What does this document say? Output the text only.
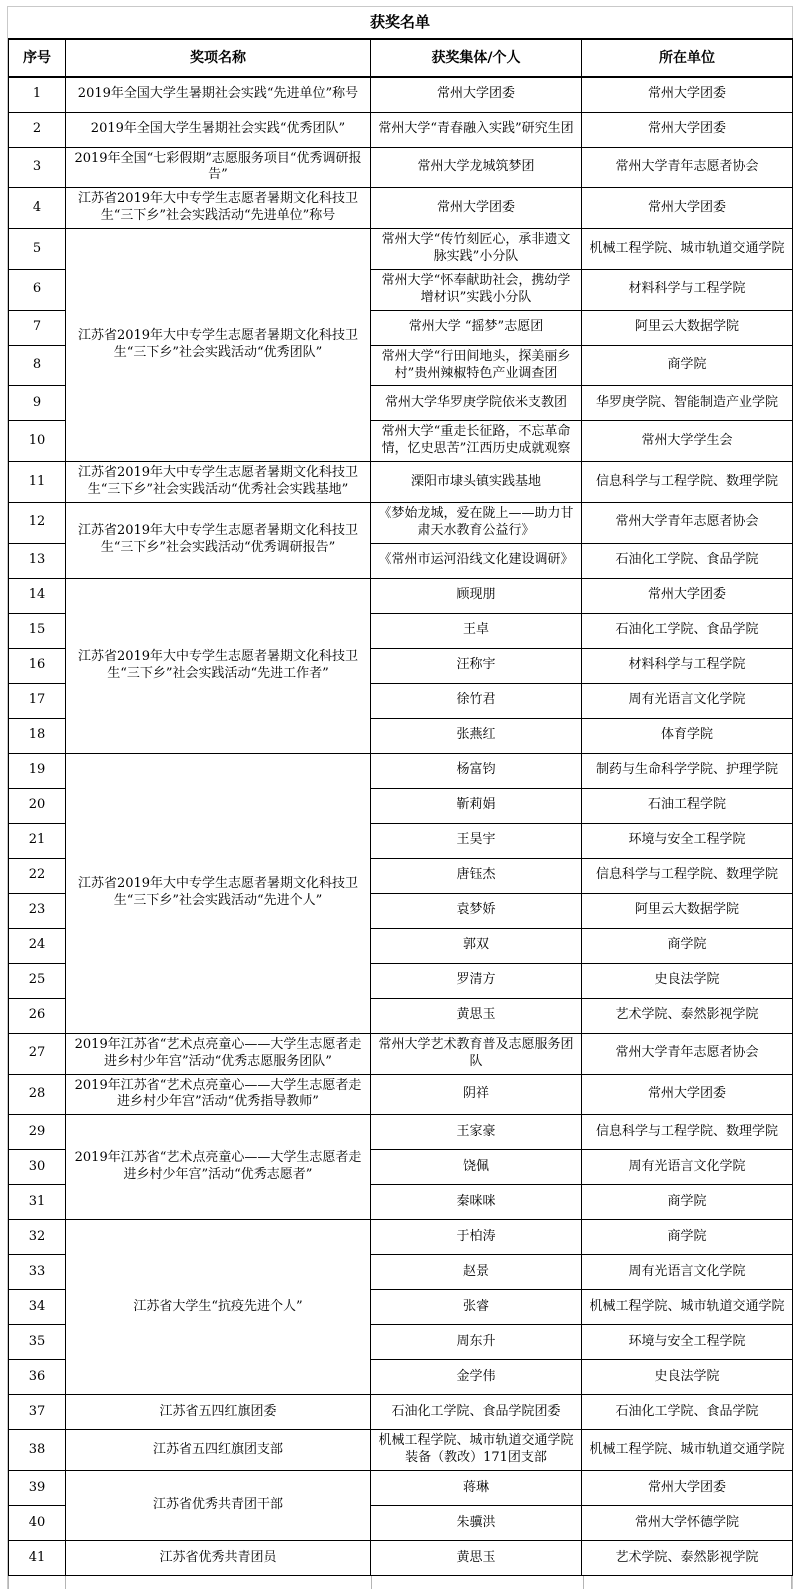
获奖名单
序号	奖项名称	获奖集体/个人	所在单位
1	2019年全国大学生暑期社会实践“先进单位”称号	常州大学团委	常州大学团委
2	2019年全国大学生暑期社会实践“优秀团队”	常州大学“青春融入实践”研究生团	常州大学团委
3	2019年全国“七彩假期”志愿服务项目“优秀调研报告”	常州大学龙城筑梦团	常州大学青年志愿者协会
4	江苏省2019年大中专学生志愿者暑期文化科技卫生“三下乡”社会实践活动“先进单位”称号	常州大学团委	常州大学团委
5	江苏省2019年大中专学生志愿者暑期文化科技卫生“三下乡”社会实践活动“优秀团队”	常州大学“传竹刻匠心，承非遗文脉实践”小分队	机械工程学院、城市轨道交通学院
6		常州大学“怀奉献助社会，携幼学增材识”实践小分队	材料科学与工程学院
7		常州大学 “摇梦”志愿团	阿里云大数据学院
8		常州大学“行田间地头，探美丽乡村”贵州辣椒特色产业调查团	商学院
9		常州大学华罗庚学院依米支教团	华罗庚学院、智能制造产业学院
10		常州大学“重走长征路，不忘革命情，忆史思苦”江西历史成就观察	常州大学学生会
11	江苏省2019年大中专学生志愿者暑期文化科技卫生“三下乡”社会实践活动“优秀社会实践基地”	溧阳市埭头镇实践基地	信息科学与工程学院、数理学院
12	江苏省2019年大中专学生志愿者暑期文化科技卫生“三下乡”社会实践活动“优秀调研报告”	《梦始龙城，爱在陇上——助力甘肃天水教育公益行》	常州大学青年志愿者协会
13		《常州市运河沿线文化建设调研》	石油化工学院、食品学院
14	江苏省2019年大中专学生志愿者暑期文化科技卫生“三下乡”社会实践活动“先进工作者”	顾现朋	常州大学团委
15		王卓	石油化工学院、食品学院
16		汪称宇	材料科学与工程学院
17		徐竹君	周有光语言文化学院
18		张燕红	体育学院
19	江苏省2019年大中专学生志愿者暑期文化科技卫生“三下乡”社会实践活动“先进个人”	杨富钧	制药与生命科学学院、护理学院
20		靳莉娟	石油工程学院
21		王昊宇	环境与安全工程学院
22		唐钰杰	信息科学与工程学院、数理学院
23		袁梦娇	阿里云大数据学院
24		郭双	商学院
25		罗清方	史良法学院
26		黄思玉	艺术学院、泰然影视学院
27	2019年江苏省“艺术点亮童心——大学生志愿者走进乡村少年宫”活动“优秀志愿服务团队”	常州大学艺术教育普及志愿服务团队	常州大学青年志愿者协会
28	2019年江苏省“艺术点亮童心——大学生志愿者走进乡村少年宫”活动“优秀指导教师”	阴祥	常州大学团委
29	2019年江苏省“艺术点亮童心——大学生志愿者走进乡村少年宫”活动“优秀志愿者”	王家豪	信息科学与工程学院、数理学院
30		饶佩	周有光语言文化学院
31		秦咪咪	商学院
32	江苏省大学生“抗疫先进个人”	于柏涛	商学院
33		赵景	周有光语言文化学院
34		张睿	机械工程学院、城市轨道交通学院
35		周东升	环境与安全工程学院
36		金学伟	史良法学院
37	江苏省五四红旗团委	石油化工学院、食品学院团委	石油化工学院、食品学院
38	江苏省五四红旗团支部	机械工程学院、城市轨道交通学院装备（教改）171团支部	机械工程学院、城市轨道交通学院
39	江苏省优秀共青团干部	蒋琳	常州大学团委
40		朱骥洪	常州大学怀德学院
41	江苏省优秀共青团员	黄思玉	艺术学院、泰然影视学院
